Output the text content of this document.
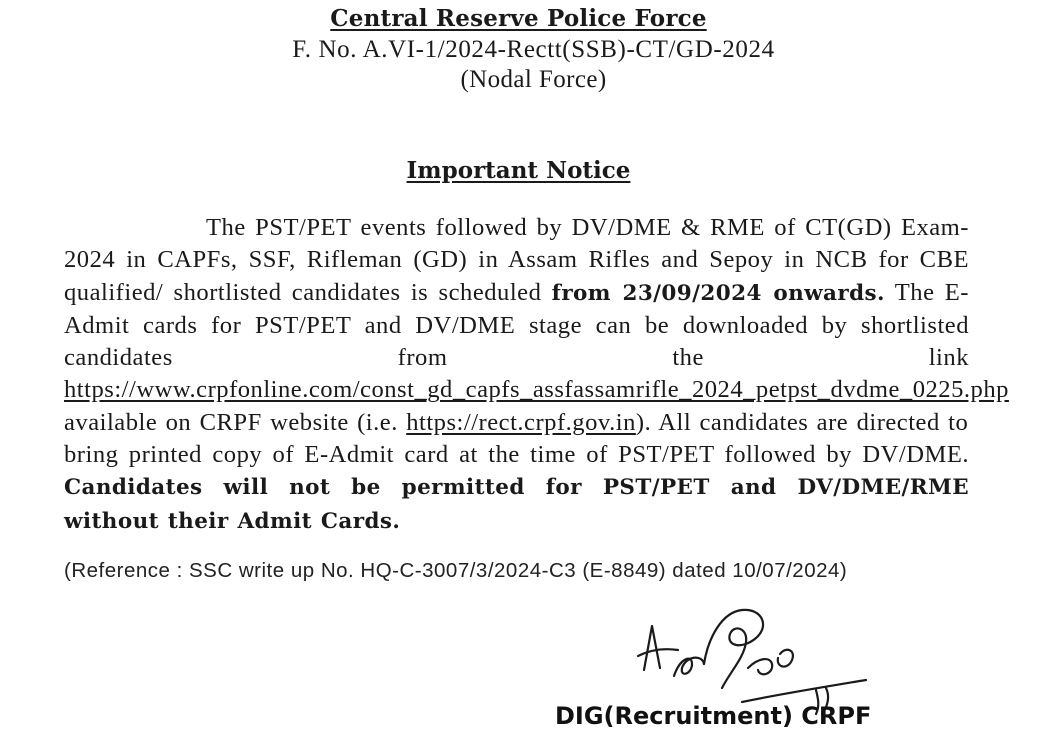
Central Reserve Police Force
F. No. A.VI-1/2024-Rectt(SSB)-CT/GD-2024
(Nodal Force)
Important Notice
The PST/PET events followed by DV/DME & RME of CT(GD) Exam-2024 in CAPFs, SSF, Rifleman (GD) in Assam Rifles and Sepoy in NCB for CBE qualified/ shortlisted candidates is scheduled from 23/09/2024 onwards. The E-Admit cards for PST/PET and DV/DME stage can be downloaded by shortlisted candidates from the link https://www.crpfonline.com/const_gd_capfs_assfassamrifle_2024_petpst_dvdme_0225.php available on CRPF website (i.e. https://rect.crpf.gov.in). All candidates are directed to bring printed copy of E-Admit card at the time of PST/PET followed by DV/DME. Candidates will not be permitted for PST/PET and DV/DME/RME without their Admit Cards.
(Reference : SSC write up No. HQ-C-3007/3/2024-C3 (E-8849) dated 10/07/2024)
DIG(Recruitment) CRPF
